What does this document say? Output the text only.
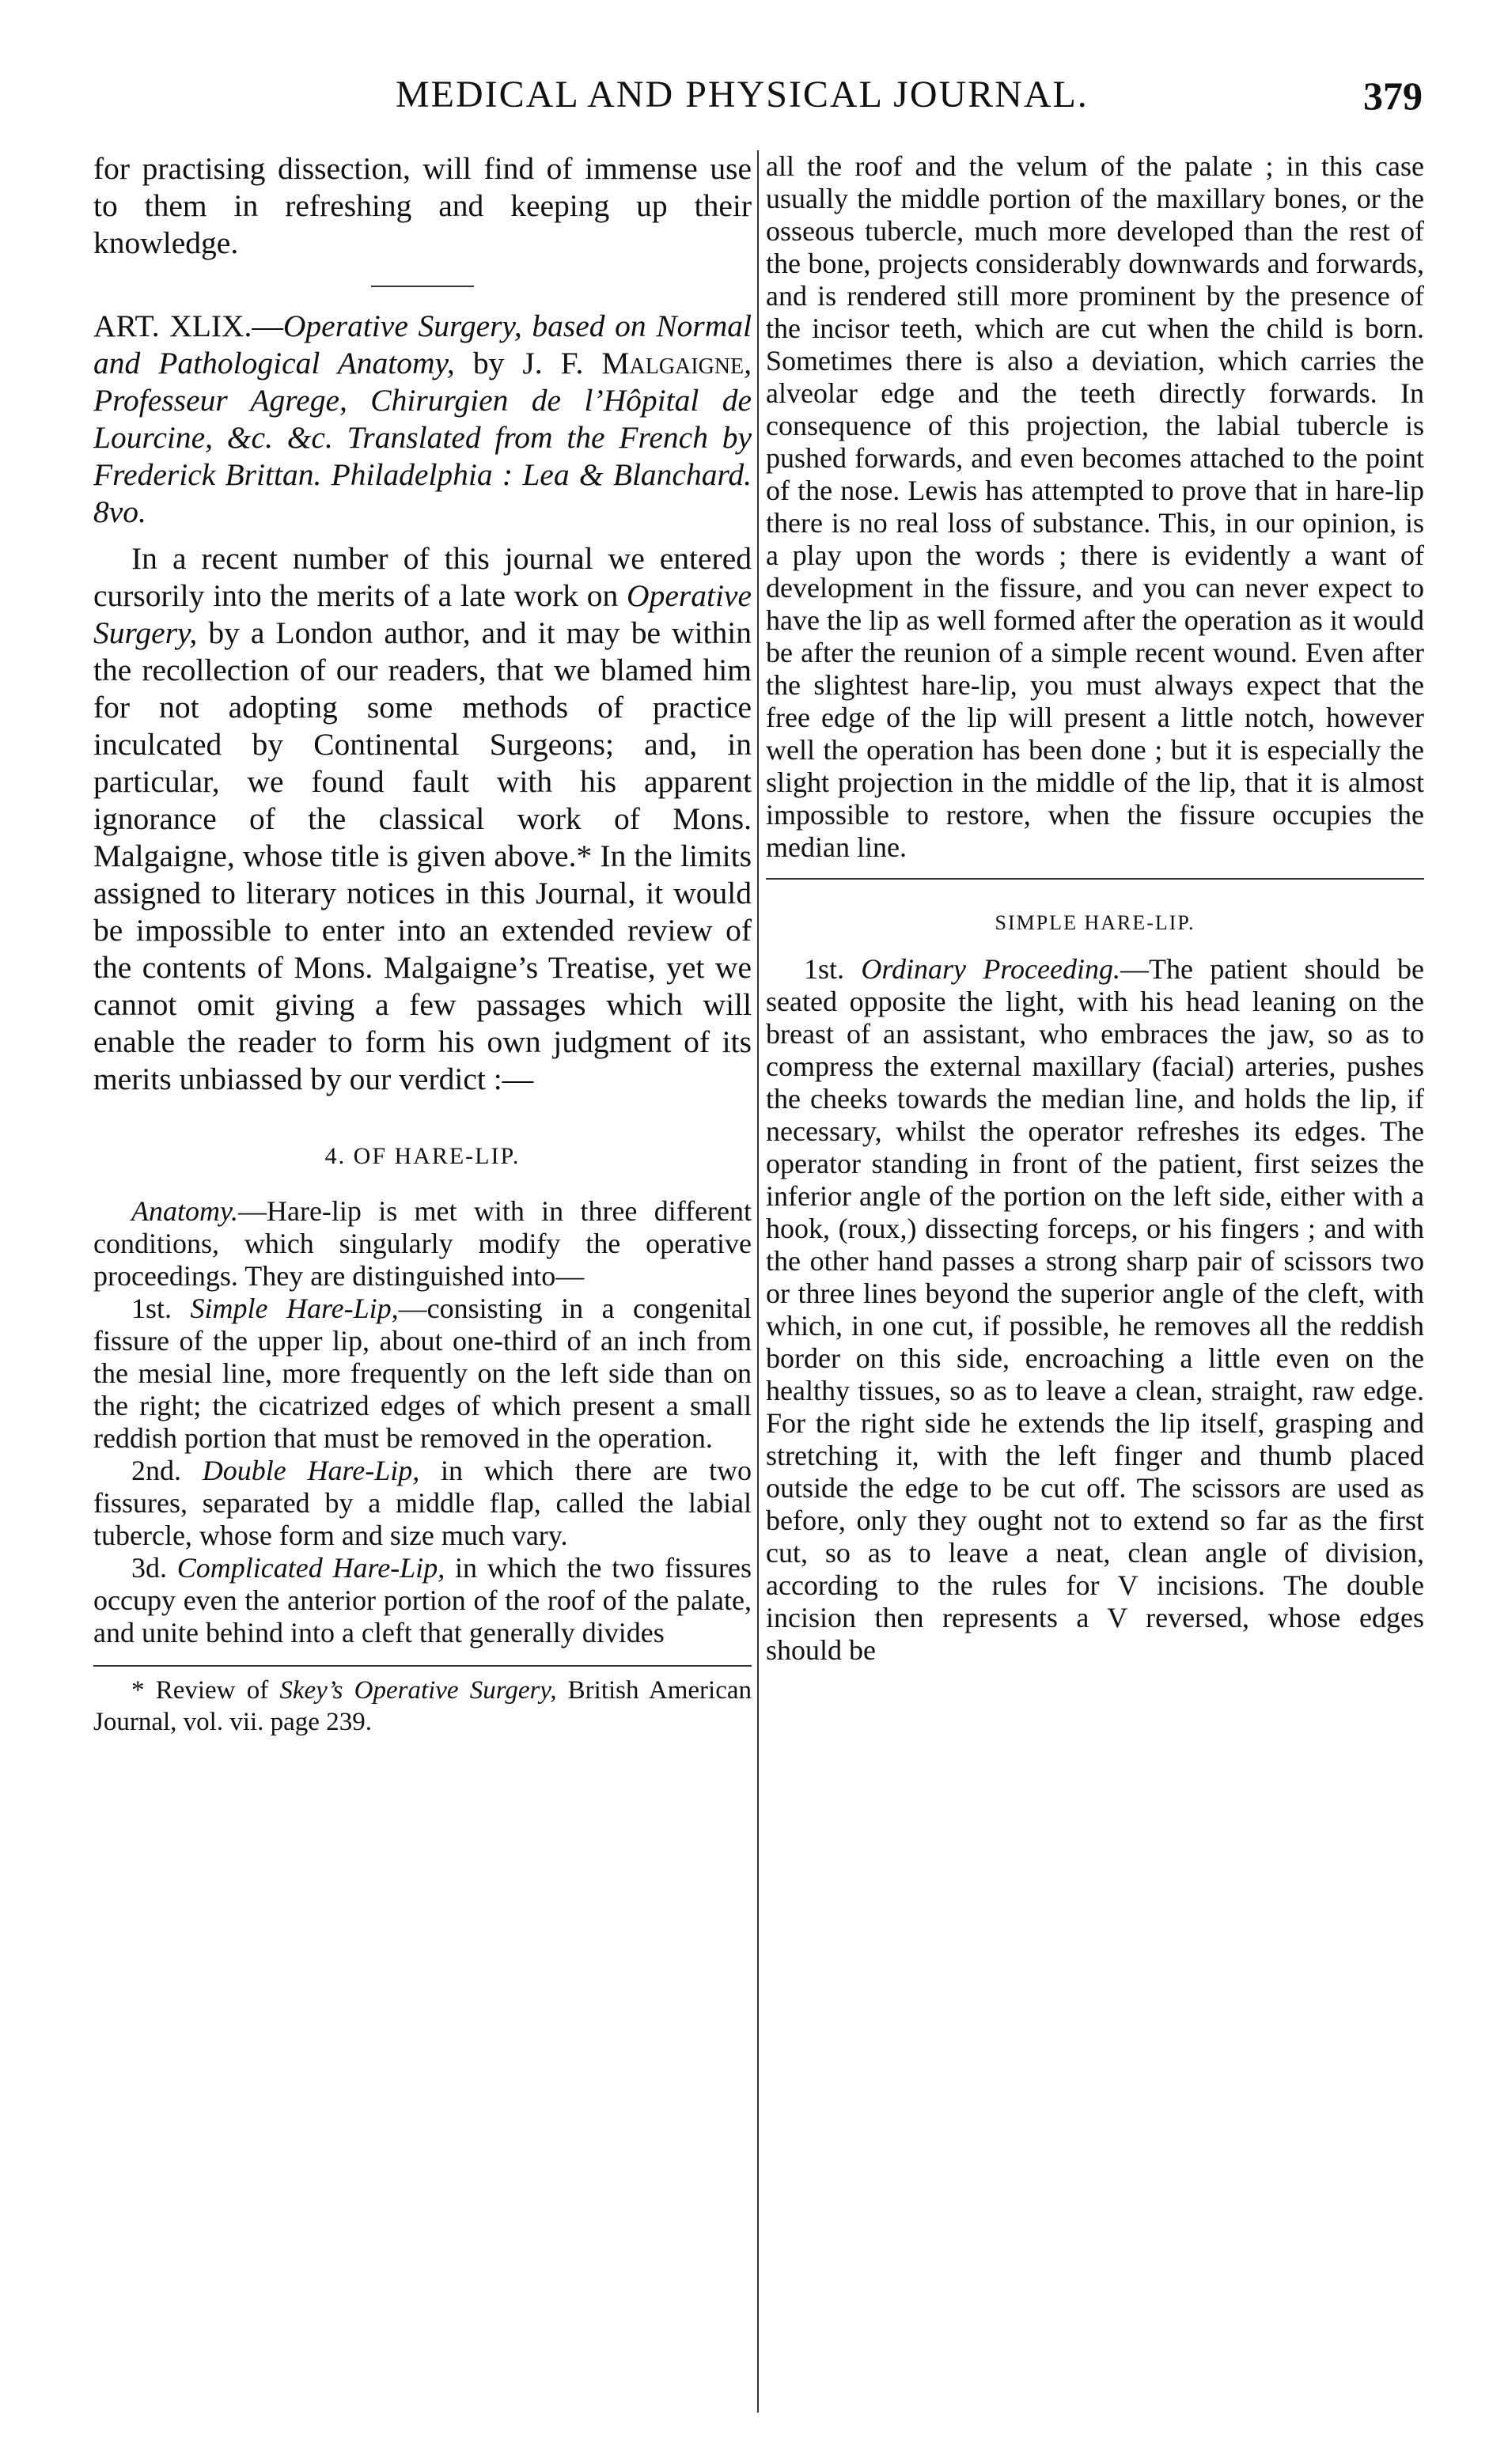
MEDICAL AND PHYSICAL JOURNAL.	379

for practising dissection, will find of immense use to them in refreshing and keeping up their knowledge.

ART. XLIX.—Operative Surgery, based on Normal and Pathological Anatomy, by J. F. Malgaigne, Professeur Agrege, Chirurgien de l’Hôpital de Lourcine, &c. &c. Translated from the French by Frederick Brittan. Philadelphia : Lea & Blanchard. 8vo.

In a recent number of this journal we entered cursorily into the merits of a late work on Operative Surgery, by a London author, and it may be within the recollection of our readers, that we blamed him for not adopting some methods of practice inculcated by Continental Surgeons; and, in particular, we found fault with his apparent ignorance of the classical work of Mons. Malgaigne, whose title is given above.* In the limits assigned to literary notices in this Journal, it would be impossible to enter into an extended review of the contents of Mons. Malgaigne’s Treatise, yet we cannot omit giving a few passages which will enable the reader to form his own judgment of its merits unbiassed by our verdict :—

4. OF HARE-LIP.

Anatomy.—Hare-lip is met with in three different conditions, which singularly modify the operative proceedings. They are distinguished into—

1st. Simple Hare-Lip,—consisting in a congenital fissure of the upper lip, about one-third of an inch from the mesial line, more frequently on the left side than on the right; the cicatrized edges of which present a small reddish portion that must be removed in the operation.

2nd. Double Hare-Lip, in which there are two fissures, separated by a middle flap, called the labial tubercle, whose form and size much vary.

3d. Complicated Hare-Lip, in which the two fissures occupy even the anterior portion of the roof of the palate, and unite behind into a cleft that generally divides

* Review of Skey’s Operative Surgery, British American Journal, vol. vii. page 239.

all the roof and the velum of the palate ; in this case usually the middle portion of the maxillary bones, or the osseous tubercle, much more developed than the rest of the bone, projects considerably downwards and forwards, and is rendered still more prominent by the presence of the incisor teeth, which are cut when the child is born. Sometimes there is also a deviation, which carries the alveolar edge and the teeth directly forwards. In consequence of this projection, the labial tubercle is pushed forwards, and even becomes attached to the point of the nose. Lewis has attempted to prove that in hare-lip there is no real loss of substance. This, in our opinion, is a play upon the words ; there is evidently a want of development in the fissure, and you can never expect to have the lip as well formed after the operation as it would be after the reunion of a simple recent wound. Even after the slightest hare-lip, you must always expect that the free edge of the lip will present a little notch, however well the operation has been done ; but it is especially the slight projection in the middle of the lip, that it is almost impossible to restore, when the fissure occupies the median line.

SIMPLE HARE-LIP.

1st. Ordinary Proceeding.—The patient should be seated opposite the light, with his head leaning on the breast of an assistant, who embraces the jaw, so as to compress the external maxillary (facial) arteries, pushes the cheeks towards the median line, and holds the lip, if necessary, whilst the operator refreshes its edges. The operator standing in front of the patient, first seizes the inferior angle of the portion on the left side, either with a hook, (roux,) dissecting forceps, or his fingers ; and with the other hand passes a strong sharp pair of scissors two or three lines beyond the superior angle of the cleft, with which, in one cut, if possible, he removes all the reddish border on this side, encroaching a little even on the healthy tissues, so as to leave a clean, straight, raw edge. For the right side he extends the lip itself, grasping and stretching it, with the left finger and thumb placed outside the edge to be cut off. The scissors are used as before, only they ought not to extend so far as the first cut, so as to leave a neat, clean angle of division, according to the rules for V incisions. The double incision then represents a V reversed, whose edges should be
